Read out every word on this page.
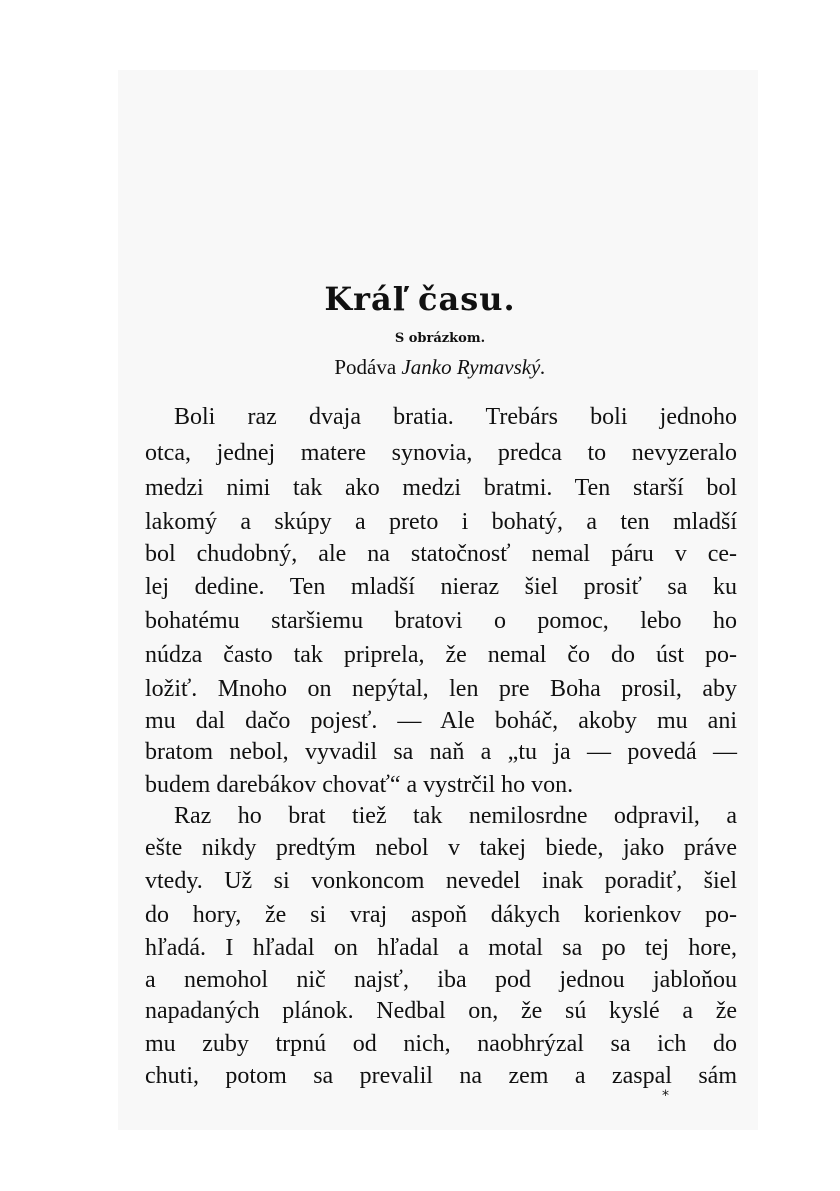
Kráľ času.
S obrázkom.
Podáva Janko Rymavský.
Boli raz dvaja bratia. Trebárs boli jednoho
otca, jednej matere synovia, predca to nevyzeralo
medzi nimi tak ako medzi bratmi. Ten starší bol
lakomý a skúpy a preto i bohatý, a ten mladší
bol chudobný, ale na statočnosť nemal páru v ce-
lej dedine. Ten mladší nieraz šiel prosiť sa ku
bohatému staršiemu bratovi o pomoc, lebo ho
núdza často tak priprela, že nemal čo do úst po-
ložiť. Mnoho on nepýtal, len pre Boha prosil, aby
mu dal dačo pojesť. — Ale boháč, akoby mu ani
bratom nebol, vyvadil sa naň a „tu ja — povedá —
budem darebákov chovať“ a vystrčil ho von.
Raz ho brat tiež tak nemilosrdne odpravil, a
ešte nikdy predtým nebol v takej biede, jako práve
vtedy. Už si vonkoncom nevedel inak poradiť, šiel
do hory, že si vraj aspoň dákych korienkov po-
hľadá. I hľadal on hľadal a motal sa po tej hore,
a nemohol nič najsť, iba pod jednou jabloňou
napadaných plánok. Nedbal on, že sú kyslé a že
mu zuby trpnú od nich, naobhrýzal sa ich do
chuti, potom sa prevalil na zem a zaspal sám
*
